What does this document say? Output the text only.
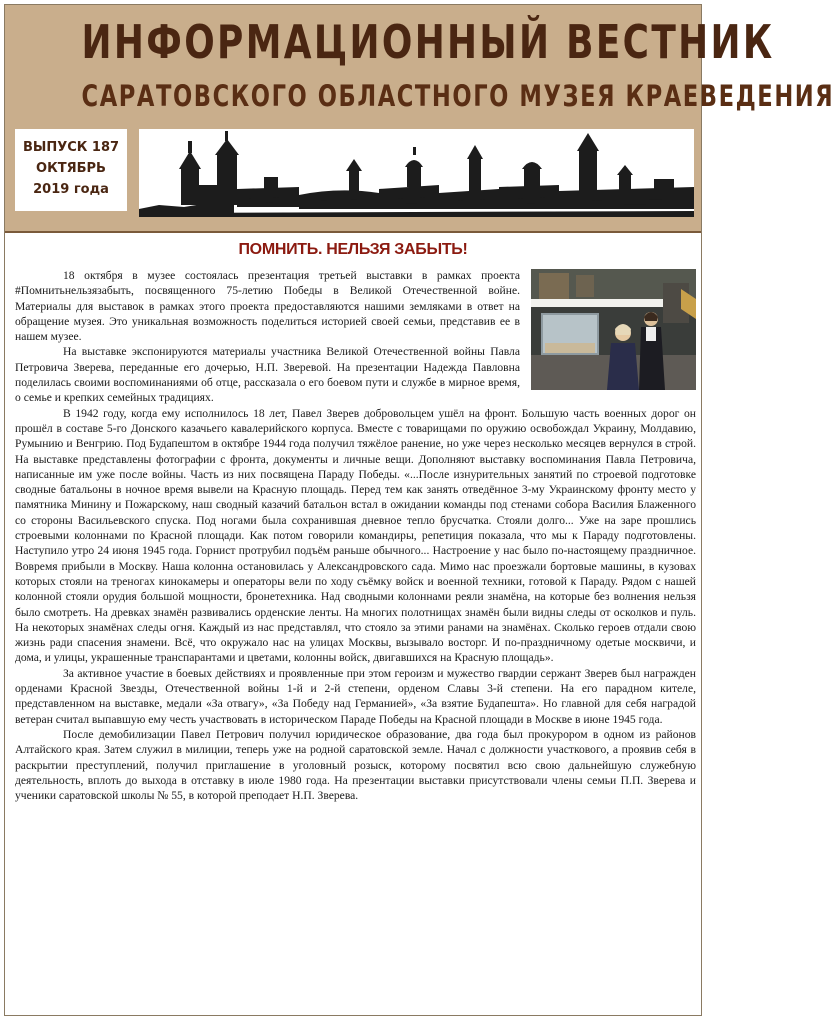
ИНФОРМАЦИОННЫЙ ВЕСТНИК
САРАТОВСКОГО ОБЛАСТНОГО МУЗЕЯ КРАЕВЕДЕНИЯ
ВЫПУСК 187
ОКТЯБРЬ
2019 года
ПОМНИТЬ. НЕЛЬЗЯ ЗАБЫТЬ!

18 октября в музее состоялась презентация третьей выставки в рамках проекта #Помнитьнельзязабыть, посвященного 75-летию Победы в Великой Отечественной войне. Материалы для выставок в рамках этого проекта предоставляются нашими земляками в ответ на обращение музея. Это уникальная возможность поделиться историей своей семьи, представив ее в нашем музее.

На выставке экспонируются материалы участника Великой Отечественной войны Павла Петровича Зверева, переданные его дочерью, Н.П. Зверевой. На презентации Надежда Павловна поделилась своими воспоминаниями об отце, рассказала о его боевом пути и службе в мирное время, о семье и крепких семейных традициях.

В 1942 году, когда ему исполнилось 18 лет, Павел Зверев добровольцем ушёл на фронт. Большую часть военных дорог он прошёл в составе 5-го Донского казачьего кавалерийского корпуса. Вместе с товарищами по оружию освобождал Украину, Молдавию, Румынию и Венгрию. Под Будапештом в октябре 1944 года получил тяжёлое ранение, но уже через несколько месяцев вернулся в строй. На выставке представлены фотографии с фронта, документы и личные вещи. Дополняют выставку воспоминания Павла Петровича, написанные им уже после войны. Часть из них посвящена Параду Победы. «...После изнурительных занятий по строевой подготовке сводные батальоны в ночное время вывели на Красную площадь. Перед тем как занять отведённое 3-му Украинскому фронту место у памятника Минину и Пожарскому, наш сводный казачий батальон встал в ожидании команды под стенами собора Василия Блаженного со стороны Васильевского спуска. Под ногами была сохранившая дневное тепло брусчатка. Стояли долго... Уже на заре прошлись строевыми колоннами по Красной площади. Как потом говорили командиры, репетиция показала, что мы к Параду подготовлены. Наступило утро 24 июня 1945 года. Горнист протрубил подъём раньше обычного... Настроение у нас было по-настоящему праздничное. Вовремя прибыли в Москву. Наша колонна остановилась у Александровского сада. Мимо нас проезжали бортовые машины, в кузовах которых стояли на треногах кинокамеры и операторы вели по ходу съёмку войск и военной техники, готовой к Параду. Рядом с нашей колонной стояли орудия большой мощности, бронетехника. Над сводными колоннами реяли знамёна, на которые без волнения нельзя было смотреть. На древках знамён развивались орденские ленты. На многих полотнищах знамён были видны следы от осколков и пуль. На некоторых знамёнах следы огня. Каждый из нас представлял, что стояло за этими ранами на знамёнах. Сколько героев отдали свою жизнь ради спасения знамени. Всё, что окружало нас на улицах Москвы, вызывало восторг. И по-праздничному одетые москвичи, и дома, и улицы, украшенные транспарантами и цветами, колонны войск, двигавшихся на Красную площадь».

За активное участие в боевых действиях и проявленные при этом героизм и мужество гвардии сержант Зверев был награжден орденами Красной Звезды, Отечественной войны 1-й и 2-й степени, орденом Славы 3-й степени. На его парадном кителе, представленном на выставке, медали «За отвагу», «За Победу над Германией», «За взятие Будапешта». Но главной для себя наградой ветеран считал выпавшую ему честь участвовать в историческом Параде Победы на Красной площади в Москве в июне 1945 года.

После демобилизации Павел Петрович получил юридическое образование, два года был прокурором в одном из районов Алтайского края. Затем служил в милиции, теперь уже на родной саратовской земле. Начал с должности участкового, а проявив себя в раскрытии преступлений, получил приглашение в уголовный розыск, которому посвятил всю свою дальнейшую служебную деятельность, вплоть до выхода в отставку в июле 1980 года. На презентации выставки присутствовали члены семьи П.П. Зверева и ученики саратовской школы № 55, в которой преподает Н.П. Зверева.
